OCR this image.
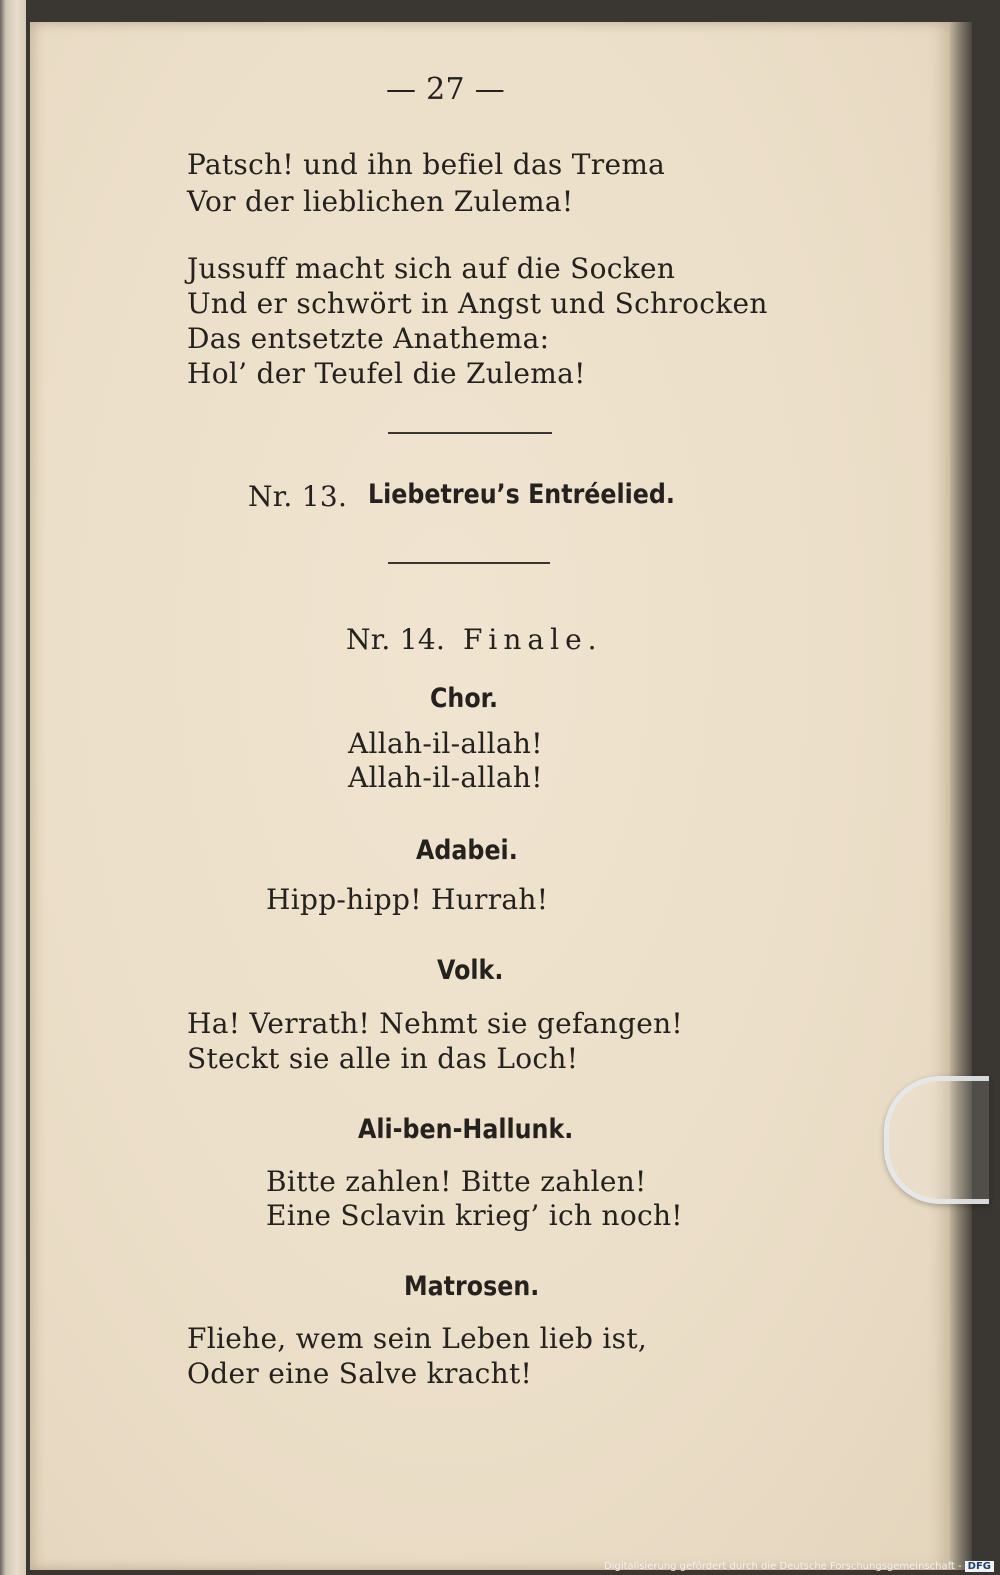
— 27 —
Patsch! und ihn befiel das Trema
Vor der lieblichen Zulema!
Jussuff macht sich auf die Socken
Und er schwört in Angst und Schrocken
Das entsetzte Anathema:
Hol’ der Teufel die Zulema!
Nr. 13. Liebetreu’s Entréelied.
Nr. 14. Finale.
Chor.
Allah-il-allah!
Allah-il-allah!
Adabei.
Hipp-hipp! Hurrah!
Volk.
Ha! Verrath! Nehmt sie gefangen!
Steckt sie alle in das Loch!
Ali-ben-Hallunk.
Bitte zahlen! Bitte zahlen!
Eine Sclavin krieg’ ich noch!
Matrosen.
Fliehe, wem sein Leben lieb ist,
Oder eine Salve kracht!
Digitalisierung gefördert durch die Deutsche Forschungsgemeinschaft - DFG
